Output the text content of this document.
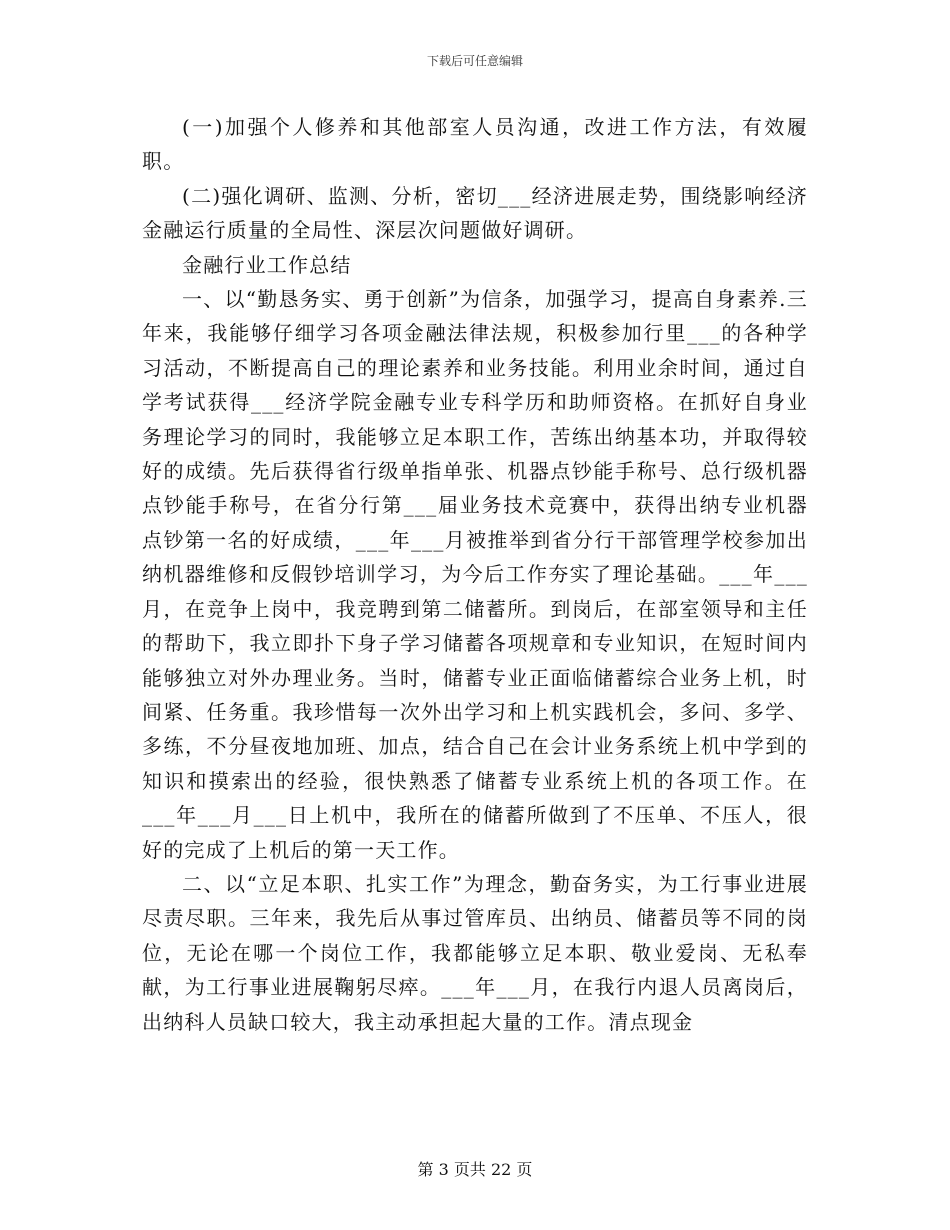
下载后可任意编辑

(一)加强个人修养和其他部室人员沟通，改进工作方法，有效履职。

(二)强化调研、监测、分析，密切___经济进展走势，围绕影响经济金融运行质量的全局性、深层次问题做好调研。

金融行业工作总结

一、以“勤恳务实、勇于创新”为信条，加强学习，提高自身素养.三年来，我能够仔细学习各项金融法律法规，积极参加行里___的各种学习活动，不断提高自己的理论素养和业务技能。利用业余时间，通过自学考试获得___经济学院金融专业专科学历和助师资格。在抓好自身业务理论学习的同时，我能够立足本职工作，苦练出纳基本功，并取得较好的成绩。先后获得省行级单指单张、机器点钞能手称号、总行级机器点钞能手称号，在省分行第___届业务技术竞赛中，获得出纳专业机器点钞第一名的好成绩，___年___月被推举到省分行干部管理学校参加出纳机器维修和反假钞培训学习，为今后工作夯实了理论基础。___年___月，在竞争上岗中，我竞聘到第二储蓄所。到岗后，在部室领导和主任的帮助下，我立即扑下身子学习储蓄各项规章和专业知识，在短时间内能够独立对外办理业务。当时，储蓄专业正面临储蓄综合业务上机，时间紧、任务重。我珍惜每一次外出学习和上机实践机会，多问、多学、多练，不分昼夜地加班、加点，结合自己在会计业务系统上机中学到的知识和摸索出的经验，很快熟悉了储蓄专业系统上机的各项工作。在___年___月___日上机中，我所在的储蓄所做到了不压单、不压人，很好的完成了上机后的第一天工作。

二、以“立足本职、扎实工作”为理念，勤奋务实，为工行事业进展尽责尽职。三年来，我先后从事过管库员、出纳员、储蓄员等不同的岗位，无论在哪一个岗位工作，我都能够立足本职、敬业爱岗、无私奉献，为工行事业进展鞠躬尽瘁。___年___月，在我行内退人员离岗后，出纳科人员缺口较大，我主动承担起大量的工作。清点现金

第 3 页共 22 页
